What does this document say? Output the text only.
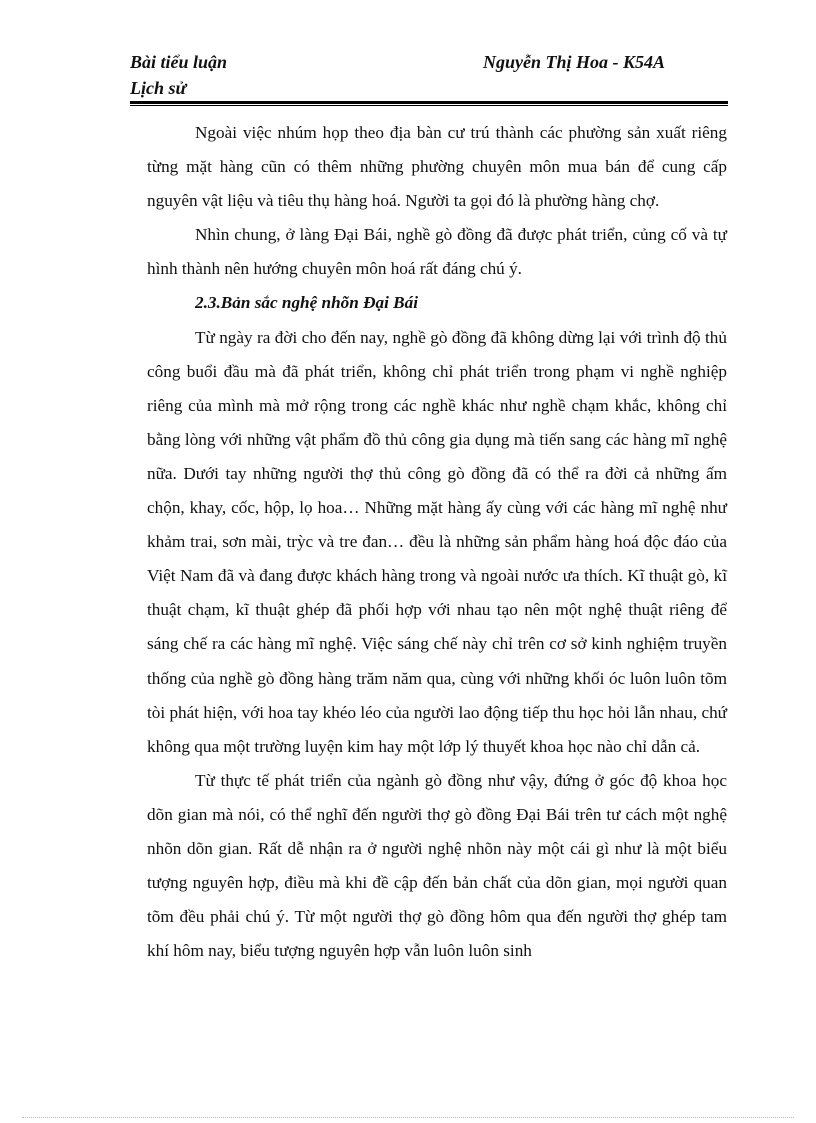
Bài tiểu luận
Lịch sử
Nguyễn Thị Hoa - K54A

Ngoài việc nhúm họp theo địa bàn cư trú thành các phường sản xuất riêng từng mặt hàng cũn có thêm những phường chuyên môn mua bán để cung cấp nguyên vật liệu và tiêu thụ hàng hoá. Người ta gọi đó là phường hàng chợ.

Nhìn chung, ở làng Đại Bái, nghề gò đồng đã được phát triển, củng cố và tự hình thành nên hướng chuyên môn hoá rất đáng chú ý.

2.3.Bản sắc nghệ nhõn Đại Bái

Từ ngày ra đời cho đến nay, nghề gò đồng đã không dừng lại với trình độ thủ công buổi đầu mà đã phát triển, không chỉ phát triển trong phạm vi nghề nghiệp riêng của mình mà mở rộng trong các nghề khác như nghề chạm khắc, không chỉ bằng lòng với những vật phẩm đồ thủ công gia dụng mà tiến sang các hàng mĩ nghệ nữa. Dưới tay những người thợ thủ công gò đồng đã có thể ra đời cả những ấm chộn, khay, cốc, hộp, lọ hoa… Những mặt hàng ấy cùng với các hàng mĩ nghệ như khảm trai, sơn mài, trỳc và tre đan… đều là những sản phẩm hàng hoá độc đáo của Việt Nam đã và đang được khách hàng trong và ngoài nước ưa thích. Kĩ thuật gò, kĩ thuật chạm, kĩ thuật ghép đã phối hợp với nhau tạo nên một nghệ thuật riêng để sáng chế ra các hàng mĩ nghệ. Việc sáng chế này chỉ trên cơ sở kinh nghiệm truyền thống của nghề gò đồng hàng trăm năm qua, cùng với những khối óc luôn luôn tõm tòi phát hiện, với hoa tay khéo léo của người lao động tiếp thu học hỏi lẫn nhau, chứ không qua một trường luyện kim hay một lớp lý thuyết khoa học nào chỉ dẫn cả.

Từ thực tế phát triển của ngành gò đồng như vậy, đứng ở góc độ khoa học dõn gian mà nói, có thể nghĩ đến người thợ gò đồng Đại Bái trên tư cách một nghệ nhõn dõn gian. Rất dễ nhận ra ở người nghệ nhõn này một cái gì như là một biểu tượng nguyên hợp, điều mà khi đề cập đến bản chất của dõn gian, mọi người quan tõm đều phải chú ý. Từ một người thợ gò đồng hôm qua đến người thợ ghép tam khí hôm nay, biểu tượng nguyên hợp vẫn luôn luôn sinh
